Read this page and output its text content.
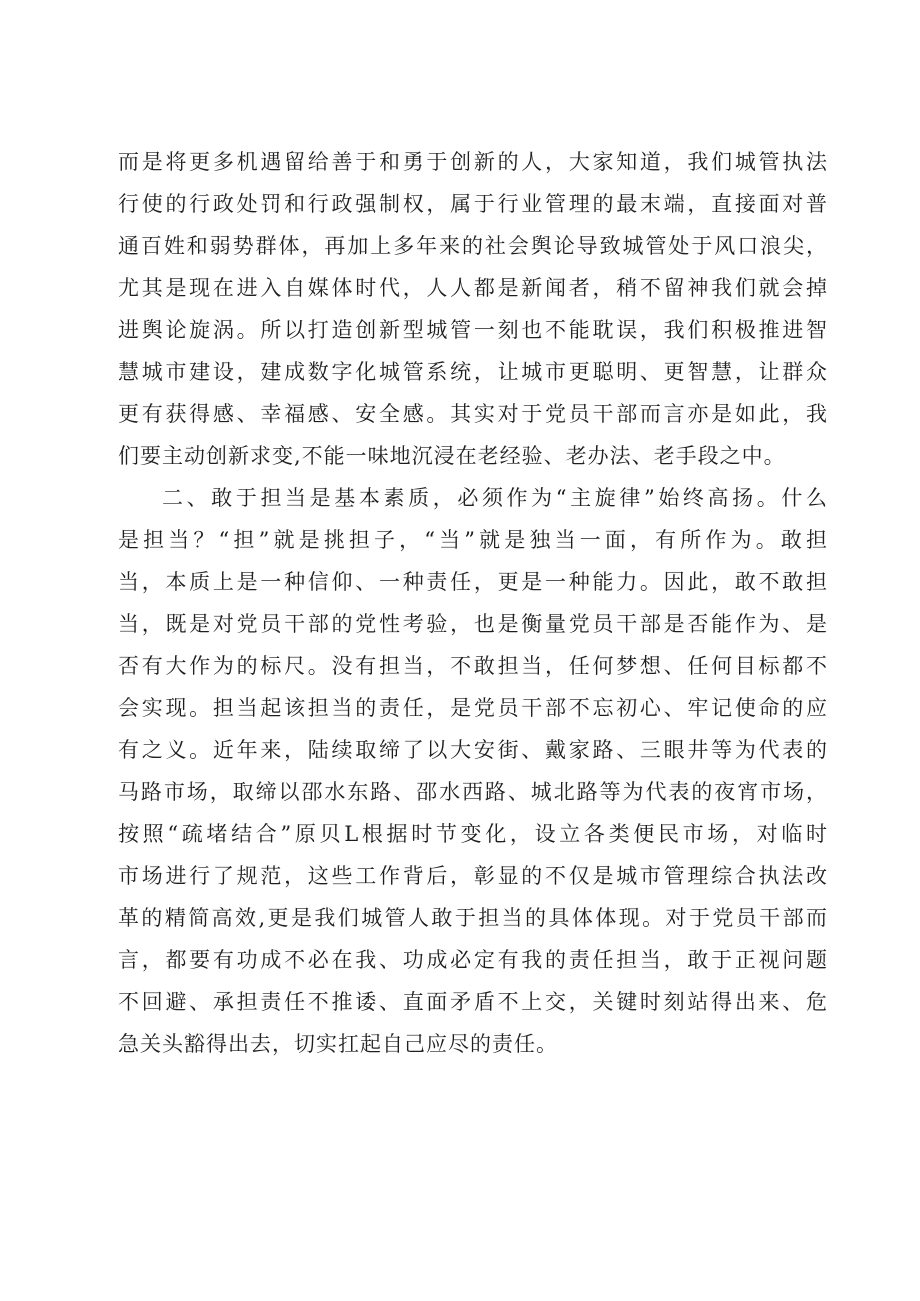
而是将更多机遇留给善于和勇于创新的人，大家知道，我们城管执法
行使的行政处罚和行政强制权，属于行业管理的最末端，直接面对普
通百姓和弱势群体，再加上多年来的社会舆论导致城管处于风口浪尖，
尤其是现在进入自媒体时代，人人都是新闻者，稍不留神我们就会掉
进舆论旋涡。所以打造创新型城管一刻也不能耽误，我们积极推进智
慧城市建设，建成数字化城管系统，让城市更聪明、更智慧，让群众
更有获得感、幸福感、安全感。其实对于党员干部而言亦是如此，我
们要主动创新求变,不能一味地沉浸在老经验、老办法、老手段之中。
二、敢于担当是基本素质，必须作为“主旋律”始终高扬。什么
是担当？“担”就是挑担子，“当”就是独当一面，有所作为。敢担
当，本质上是一种信仰、一种责任，更是一种能力。因此，敢不敢担
当，既是对党员干部的党性考验，也是衡量党员干部是否能作为、是
否有大作为的标尺。没有担当，不敢担当，任何梦想、任何目标都不
会实现。担当起该担当的责任，是党员干部不忘初心、牢记使命的应
有之义。近年来，陆续取缔了以大安街、戴家路、三眼井等为代表的
马路市场，取缔以邵水东路、邵水西路、城北路等为代表的夜宵市场，
按照“疏堵结合”原贝L根据时节变化，设立各类便民市场，对临时
市场进行了规范，这些工作背后，彰显的不仅是城市管理综合执法改
革的精简高效,更是我们城管人敢于担当的具体体现。对于党员干部而
言，都要有功成不必在我、功成必定有我的责任担当，敢于正视问题
不回避、承担责任不推诿、直面矛盾不上交，关键时刻站得出来、危
急关头豁得出去，切实扛起自己应尽的责任。
